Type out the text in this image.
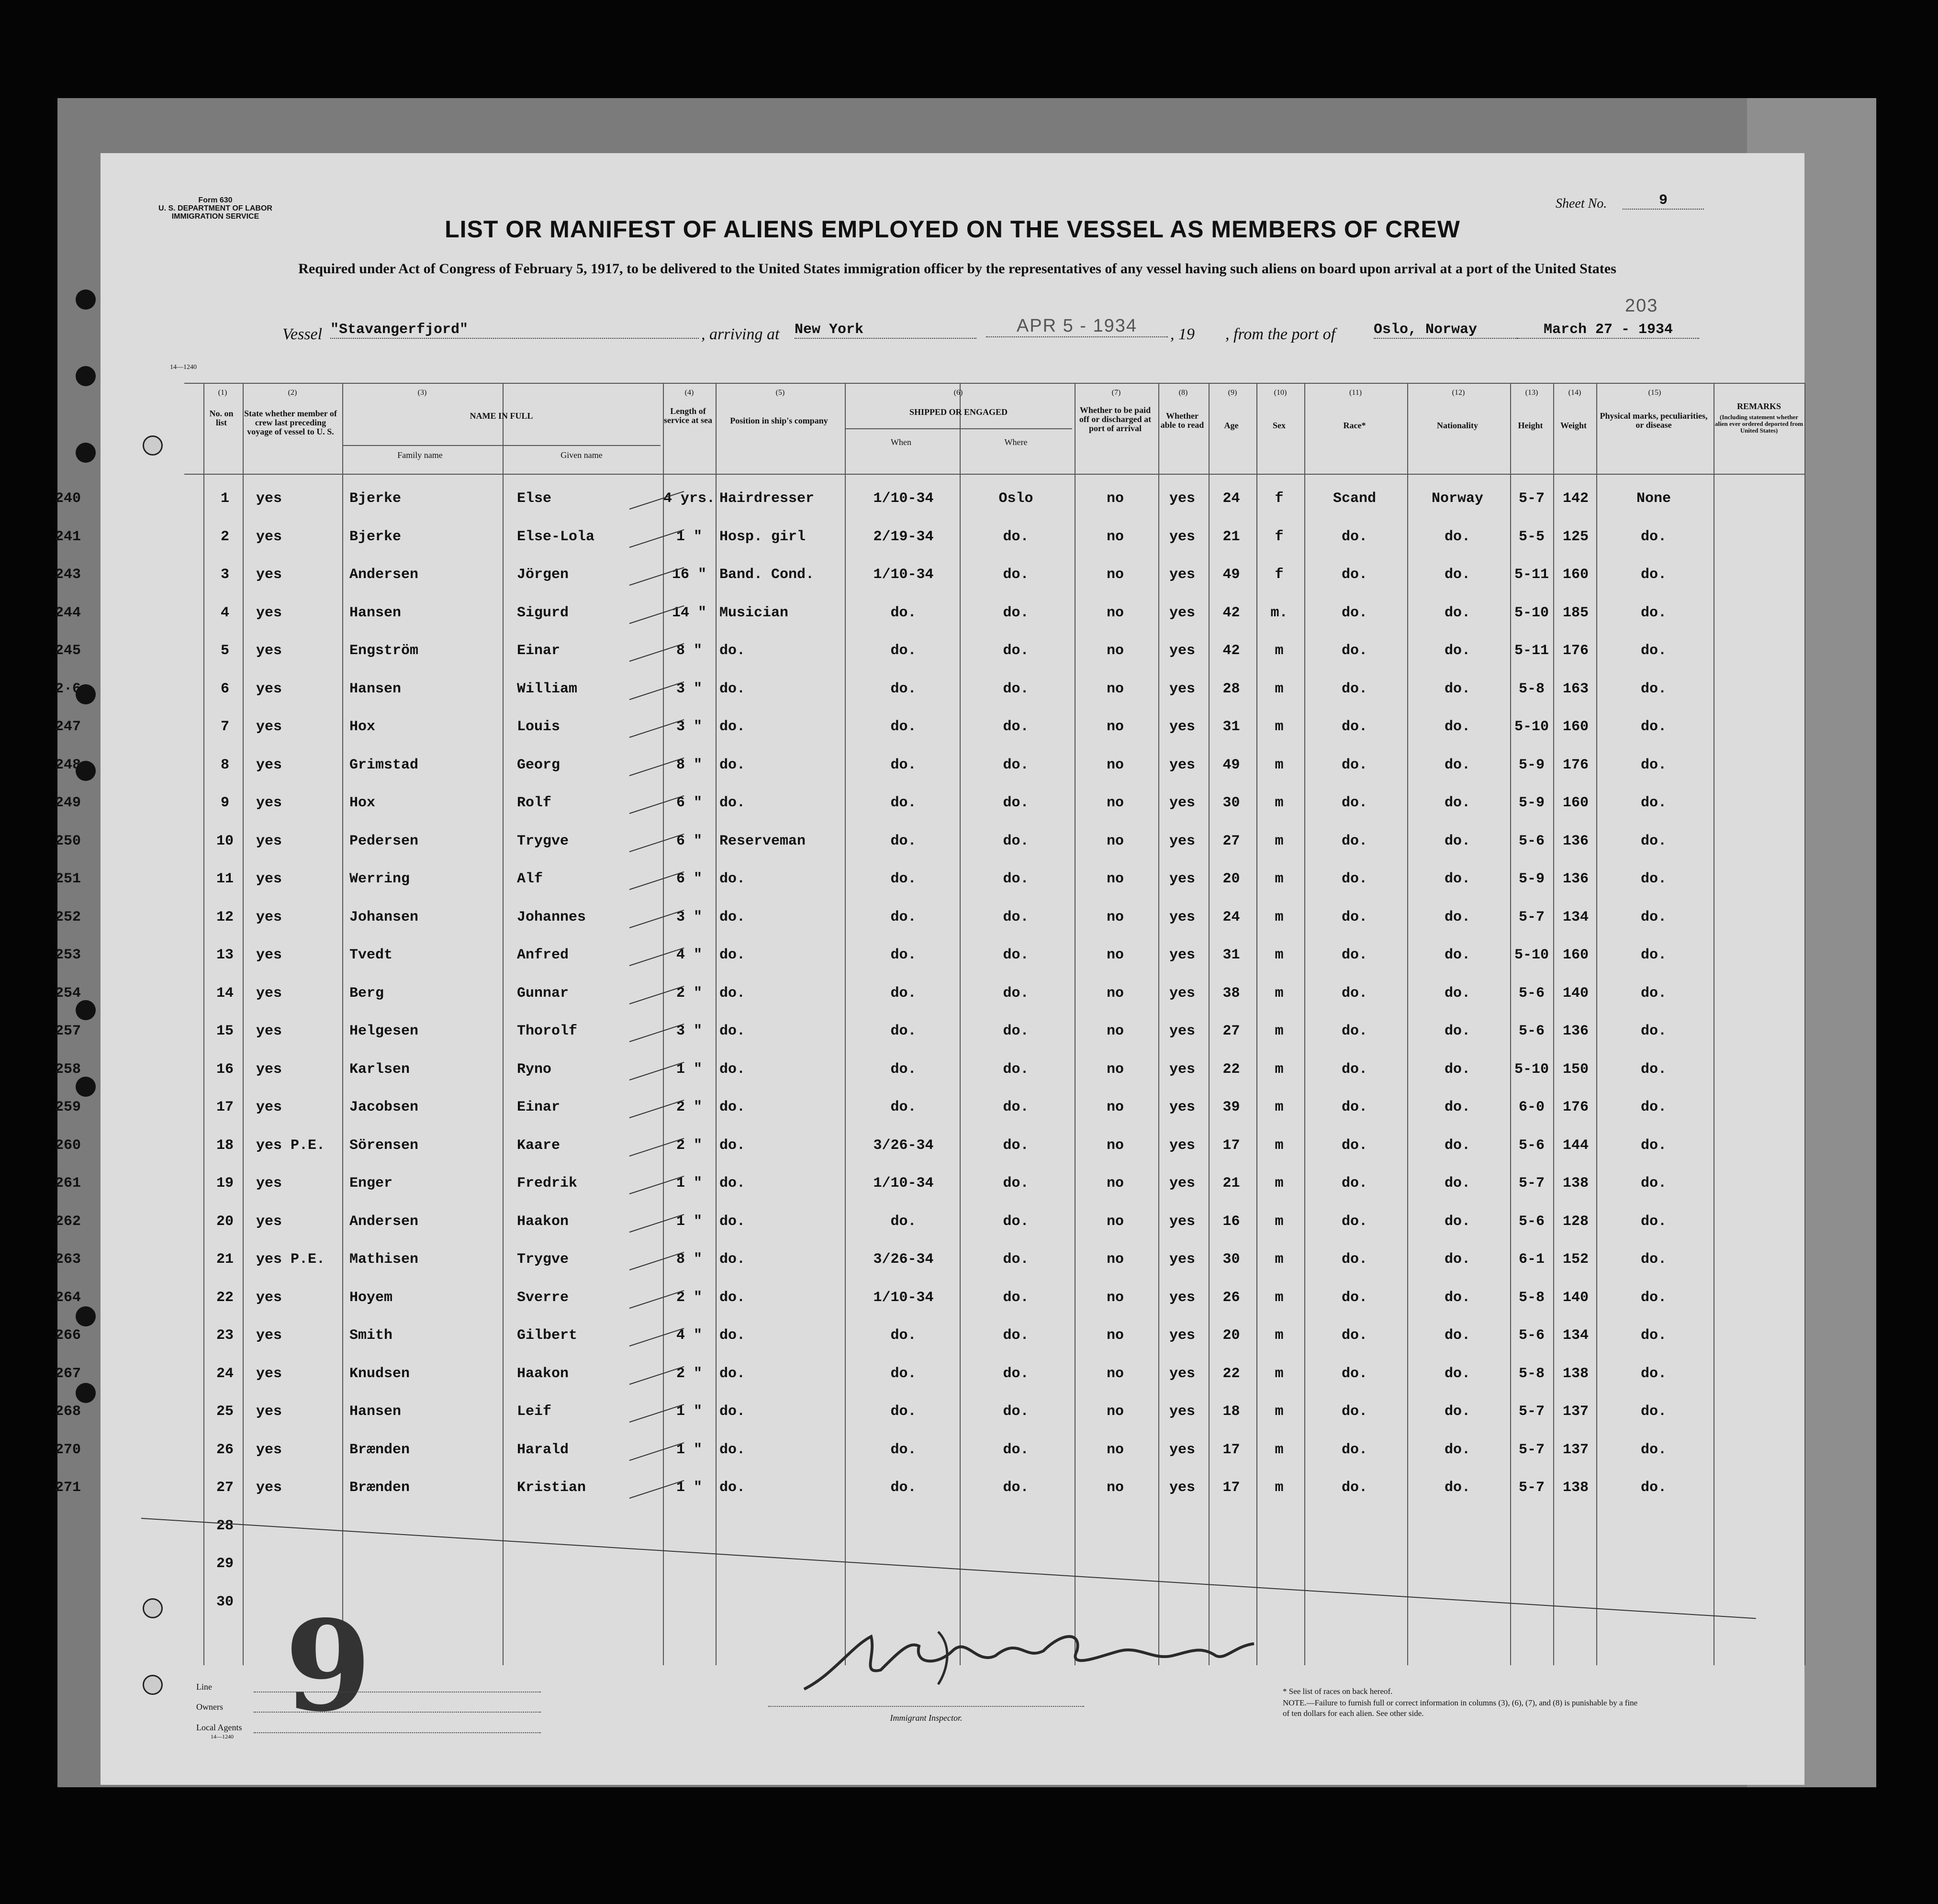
Form 630
U. S. DEPARTMENT OF LABOR
IMMIGRATION SERVICE
Sheet No.	9
LIST OR MANIFEST OF ALIENS EMPLOYED ON THE VESSEL AS MEMBERS OF CREW
Required under Act of Congress of February 5, 1917, to be delivered to the United States immigration officer by the representatives of any vessel having such aliens on board upon arrival at a port of the United States
203
Vessel "Stavangerfjord"	, arriving at New York	APR 5 - 1934	, 19 , from the port of	Oslo, Norway	March 27 - 1934
14—1240
(1)	(2)	(3)	(4)	(5)	(6)	(7)	(8)	(9)	(10)	(11)	(12)	(13)	(14)	(15)
No. on list
State whether member of crew last preceding voyage of vessel to U. S.
NAME IN FULL
Family name	Given name
Length of service at sea	Position in ship's company
SHIPPED OR ENGAGED
When	Where
Whether to be paid off or discharged at port of arrival
Whether able to read	Age	Sex	Race*	Nationality	Height	Weight
Physical marks, peculiarities, or disease
REMARKS
(Including statement whether alien ever ordered deported from United States)
240	1	yes	Bjerke	Else	4 yrs. Hairdresser	1/10-34	Oslo	no	yes	24	f	Scand	Norway	5-7	142	None
241	2	yes	Bjerke	Else-Lola	1 "	Hosp. girl	2/19-34	do.	no	yes	21	f	do.	do.	5-5	125	do.
243	3	yes	Andersen	Jörgen	16 " Band. Cond.	1/10-34	do.	no	yes	49	f	do.	do.	5-11 160	do.
244	4	yes	Hansen	Sigurd	14 " Musician	do.	do.	no	yes	42	m.	do.	do.	5-10 185	do.
245	5	yes	Engström	Einar	8 "	do.	do.	do.	no	yes	42	m	do.	do.	5-11 176	do.
2·6	6	yes	Hansen	William	3 "	do.	do.	do.	no	yes	28	m	do.	do.	5-8	163	do.
247	7	yes	Hox	Louis	3 "	do.	do.	do.	no	yes	31	m	do.	do.	5-10 160	do.
248	8	yes	Grimstad	Georg	8 "	do.	do.	do.	no	yes	49	m	do.	do.	5-9	176	do.
249	9	yes	Hox	Rolf	6 "	do.	do.	do.	no	yes	30	m	do.	do.	5-9	160	do.
250	10	yes	Pedersen	Trygve	6 "	Reserveman	do.	do.	no	yes	27	m	do.	do.	5-6	136	do.
251	11	yes	Werring	Alf	6 "	do.	do.	do.	no	yes	20	m	do.	do.	5-9	136	do.
252	12	yes	Johansen	Johannes	3 "	do.	do.	do.	no	yes	24	m	do.	do.	5-7	134	do.
253	13	yes	Tvedt	Anfred	4 "	do.	do.	do.	no	yes	31	m	do.	do.	5-10 160	do.
254	14	yes	Berg	Gunnar	2 "	do.	do.	do.	no	yes	38	m	do.	do.	5-6	140	do.
257	15	yes	Helgesen	Thorolf	3 "	do.	do.	do.	no	yes	27	m	do.	do.	5-6	136	do.
258	16	yes	Karlsen	Ryno	1 "	do.	do.	do.	no	yes	22	m	do.	do.	5-10 150	do.
259	17	yes	Jacobsen	Einar	2 "	do.	do.	do.	no	yes	39	m	do.	do.	6-0	176	do.
260	18	yes P.E.	Sörensen	Kaare	2 "	do.	3/26-34	do.	no	yes	17	m	do.	do.	5-6	144	do.
261	19	yes	Enger	Fredrik	1 "	do.	1/10-34	do.	no	yes	21	m	do.	do.	5-7	138	do.
262	20	yes	Andersen	Haakon	1 "	do.	do.	do.	no	yes	16	m	do.	do.	5-6	128	do.
263	21	yes P.E.	Mathisen	Trygve	8 "	do.	3/26-34	do.	no	yes	30	m	do.	do.	6-1	152	do.
264	22	yes	Hoyem	Sverre	2 "	do.	1/10-34	do.	no	yes	26	m	do.	do.	5-8	140	do.
266	23	yes	Smith	Gilbert	4 "	do.	do.	do.	no	yes	20	m	do.	do.	5-6	134	do.
267	24	yes	Knudsen	Haakon	2 "	do.	do.	do.	no	yes	22	m	do.	do.	5-8	138	do.
268	25	yes	Hansen	Leif	1 "	do.	do.	do.	no	yes	18	m	do.	do.	5-7	137	do.
270	26	yes	Brænden	Harald	1 "	do.	do.	do.	no	yes	17	m	do.	do.	5-7	137	do.
271	27	yes	Brænden	Kristian	1 "	do.	do.	do.	no	yes	17	m	do.	do.	5-7	138	do.
28
29
30 9
Line
Owners
Local Agents
14—1240
Immigrant Inspector.
* See list of races on back hereof.
NOTE.—Failure to furnish full or correct information in columns (3), (6), (7), and (8) is punishable by a fine of ten dollars for each alien. See other side.
